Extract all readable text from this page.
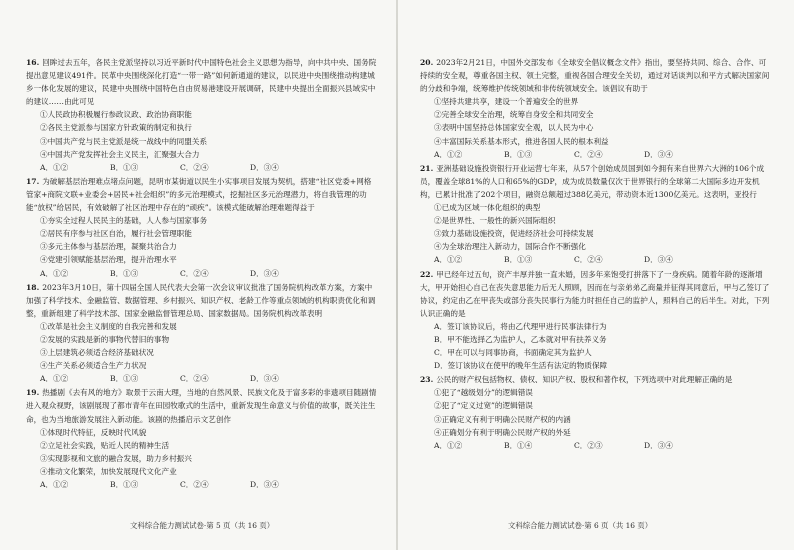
16. 回眸过去五年，各民主党派坚持以习近平新时代中国特色社会主义思想为指导，向中共中央、国务院提出意见建议491件。民革中央围绕深化打造“一带一路”如何新通道的建议，以民进中央围绕推动构建城乡一体化发展的建议，民建中央围绕中国特色自由贸易港建设开展调研，民建中央提出全面振兴县域实中的建议……由此可见
①人民政协积极履行参政议政、政治协商职能
②各民主党派参与国家方针政策的制定和执行
③中国共产党与民主党派是统一战线中的同盟关系
④中国共产党发挥社会主义民主，汇聚强大合力
A．①②	B．①③	C．②④	D．③④
17. 为破解基层治理难点堵点问题，昆明市某街道以民生小实事项目发展为契机，搭建“社区党委+网格管家+商院文联+业委会+居民+社会组织”的多元治理模式，挖掘社区多元治理潜力，将自我管理的功能“放权”给居民，有效破解了社区治理中存在的“顽疾”。该模式能破解治理难题得益于
①夯实全过程人民民主的基础，人人参与国家事务
②居民有序参与社区自治，履行社会管理职能
③多元主体参与基层治理，凝聚共治合力
④党建引领赋能基层治理，提升治理水平
A．①②	B．①③	C．②④	D．③④
18. 2023年3月10日，第十四届全国人民代表大会第一次会议审议批准了国务院机构改革方案，方案中加强了科学技术、金融监管、数据管理、乡村振兴、知识产权、老龄工作等重点领域的机构职责优化和调整，重新组建了科学技术部、国家金融监督管理总局、国家数据局。国务院机构改革表明
①改革是社会主义制度的自我完善和发展
②发展的实践是新的事物代替旧的事物
③上层建筑必须适合经济基础状况
④生产关系必须适合生产力状况
A．①②	B．①③	C．②④	D．③④
19. 热播剧《去有风的地方》取景于云南大理，当地的自然风景、民族文化及于富多彩的非遗项目随剧情进入观众视野，该剧展现了都市青年在田园牧歌式的生活中，重新发现生命意义与价值的故事，既关注生命，也为当地旅游发展注入新动能。该剧的热播启示文艺创作
①体现时代特征，反映时代风貌
②立足社会实践，贴近人民的精神生活
③实现影视和文旅的融合发展，助力乡村振兴
④推动文化繁荣，加快发展现代文化产业
A．①②	B．①③	C．②④	D．③④
20. 2023年2月21日，中国外交部发布《全球安全倡议概念文件》指出，要坚持共同、综合、合作、可持续的安全观，尊重各国主权、领土完整，重视各国合理安全关切，通过对话谈判以和平方式解决国家间的分歧和争端，统筹维护传统领域和非传统领域安全。该倡议有助于
①坚持共建共享，建设一个普遍安全的世界
②完善全球安全治理，统筹自身安全和共同安全
③表明中国坚持总体国家安全观，以人民为中心
④丰富国际关系基本形式，推进各国人民的根本利益
A．①②	B．①③	C．②④	D．③④
21. 亚洲基础设施投资银行开业运营七年来，从57个创始成员国到如今拥有来自世界六大洲的106个成员，覆盖全球81%的人口和65%的GDP，成为成员数量仅次于世界银行的全球第二大国际多边开发机构，已累计批准了202个项目，融资总额超过388亿美元，带动资本近1300亿美元。这表明，亚投行
①已成为区域一体化组织的典型
②是世界性、一般性的新兴国际组织
③致力基础设施投资，促进经济社会可持续发展
④为全球治理注入新动力，国际合作不断强化
A．①②	B．①③	C．②④	D．③④
22. 甲已经年过五旬，资产丰厚并独一直未婚，因多年来饱受打拼落下了一身疾病。随着年龄的逐渐增大，甲开始担心自己在丧失意思能力后无人照顾，因而在与亲弟弟乙商量并征得其同意后，甲与乙签订了协议，约定由乙在甲丧失或部分丧失民事行为能力时担任自己的监护人，照料自己的后半生。对此，下列认识正确的是
A．签订该协议后，将由乙代理甲进行民事法律行为
B．甲不能选择乙为监护人，乙本就对甲有扶养义务
C．甲在可以与同事协商，书面确定其为监护人
D．签订该协议在使甲的晚年生活有法定的物质保障
23. 公民的财产权包括物权、债权、知识产权、股权和著作权，下列选项中对此理解正确的是
①犯了“越级划分”的逻辑错误
②犯了“定义过宽”的逻辑错误
③正确定义有利于明确公民财产权的内涵
④正确划分有利于明确公民财产权的外延
A．①②	B．①④	C．②③	D．③④
文科综合能力测试试卷·第 5 页（共 16 页）	文科综合能力测试试卷·第 6 页（共 16 页）
